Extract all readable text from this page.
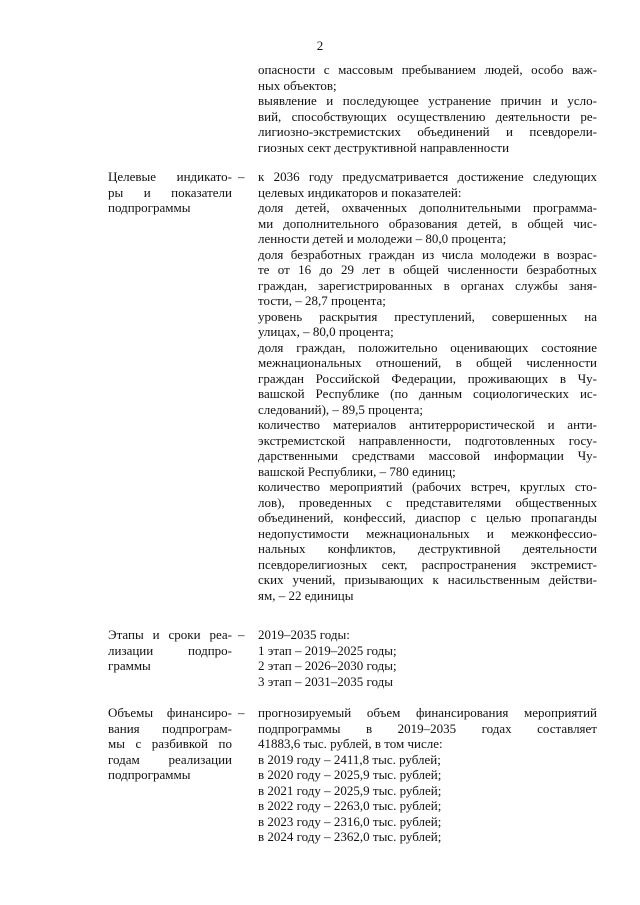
2
опасности с массовым пребыванием людей, особо важ-
ных объектов;
выявление и последующее устранение причин и усло-
вий, способствующих осуществлению деятельности ре-
лигиозно-экстремистских объединений и псевдорели-
гиозных сект деструктивной направленности
Целевые индикато-
ры и показатели
подпрограммы
– к 2036 году предусматривается достижение следующих
целевых индикаторов и показателей:
доля детей, охваченных дополнительными программа-
ми дополнительного образования детей, в общей чис-
ленности детей и молодежи – 80,0 процента;
доля безработных граждан из числа молодежи в возрас-
те от 16 до 29 лет в общей численности безработных
граждан, зарегистрированных в органах службы заня-
тости, – 28,7 процента;
уровень раскрытия преступлений, совершенных на
улицах, – 80,0 процента;
доля граждан, положительно оценивающих состояние
межнациональных отношений, в общей численности
граждан Российской Федерации, проживающих в Чу-
вашской Республике (по данным социологических ис-
следований), – 89,5 процента;
количество материалов антитеррористической и анти-
экстремистской направленности, подготовленных госу-
дарственными средствами массовой информации Чу-
вашской Республики, – 780 единиц;
количество мероприятий (рабочих встреч, круглых сто-
лов), проведенных с представителями общественных
объединений, конфессий, диаспор с целью пропаганды
недопустимости межнациональных и межконфессио-
нальных конфликтов, деструктивной деятельности
псевдорелигиозных сект, распространения экстремист-
ских учений, призывающих к насильственным действи-
ям, – 22 единицы
Этапы и сроки реа-
лизации подпро-
граммы
– 2019–2035 годы:
1 этап – 2019–2025 годы;
2 этап – 2026–2030 годы;
3 этап – 2031–2035 годы
Объемы финансиро-
вания подпрограм-
мы с разбивкой по
годам реализации
подпрограммы
– прогнозируемый объем финансирования мероприятий
подпрограммы в 2019–2035 годах составляет
41883,6 тыс. рублей, в том числе:
в 2019 году – 2411,8 тыс. рублей;
в 2020 году – 2025,9 тыс. рублей;
в 2021 году – 2025,9 тыс. рублей;
в 2022 году – 2263,0 тыс. рублей;
в 2023 году – 2316,0 тыс. рублей;
в 2024 году – 2362,0 тыс. рублей;
